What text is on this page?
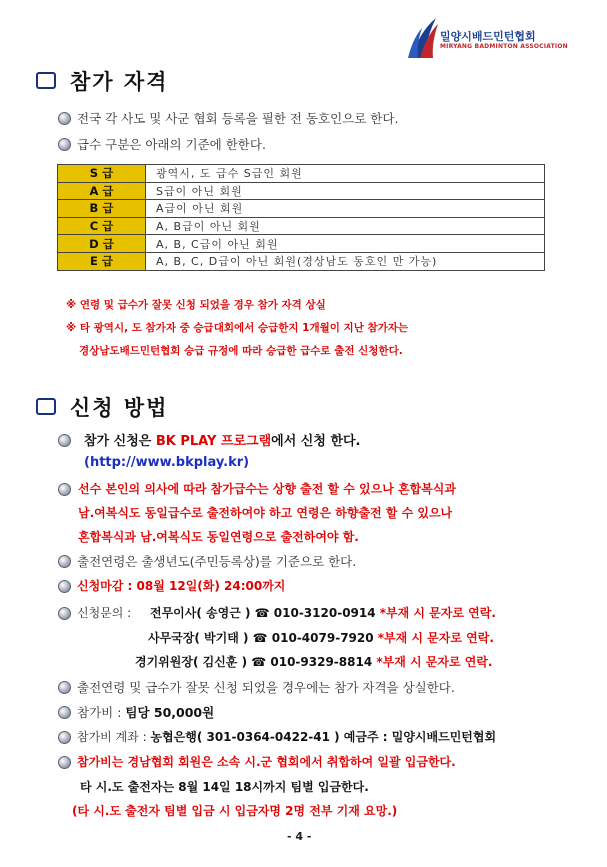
밀양시배드민턴협회
MIRYANG BADMINTON ASSOCIATION
참가 자격
전국 각 사도 및 사군 협회 등록을 필한 전 동호인으로 한다.
급수 구분은 아래의 기준에 한한다.
S 급	광역시, 도 급수 S급인 회원
A 급	S급이 아닌 회원
B 급	A급이 아닌 회원
C 급	A, B급이 아닌 회원
D 급	A, B, C급이 아닌 회원
E 급	A, B, C, D급이 아닌 회원(경상남도 동호인 만 가능)
※ 연령 및 급수가 잘못 신청 되었을 경우 참가 자격 상실
※ 타 광역시, 도 참가자 중 승급대회에서 승급한지 1개월이 지난 참가자는
경상남도배드민턴협회 승급 규정에 따라 승급한 급수로 출전 신청한다.
신청 방법
참가 신청은 BK PLAY 프로그램에서 신청 한다.
(http://www.bkplay.kr)
선수 본인의 의사에 따라 참가급수는 상향 출전 할 수 있으나 혼합복식과
남.여복식도 동일급수로 출전하여야 하고 연령은 하향출전 할 수 있으나
혼합복식과 남.여복식도 동일연령으로 출전하여야 함.
출전연령은 출생년도(주민등록상)를 기준으로 한다.
신청마감 : 08월 12일(화) 24:00까지
신청문의 : 전무이사( 송영근 ) ☎ 010-3120-0914 *부재 시 문자로 연락.
사무국장( 박기태 ) ☎ 010-4079-7920 *부재 시 문자로 연락.
경기위원장( 김신훈 ) ☎ 010-9329-8814 *부재 시 문자로 연락.
출전연령 및 급수가 잘못 신청 되었을 경우에는 참가 자격을 상실한다.
참가비 : 팀당 50,000원
참가비 계좌 : 농협은행( 301-0364-0422-41 ) 예금주 : 밀양시배드민턴협회
참가비는 경남협회 회원은 소속 시.군 협회에서 취합하여 일괄 입금한다.
타 시.도 출전자는 8월 14일 18시까지 팀별 입금한다.
(타 시.도 출전자 팀별 입금 시 입금자명 2명 전부 기재 요망.)
- 4 -
